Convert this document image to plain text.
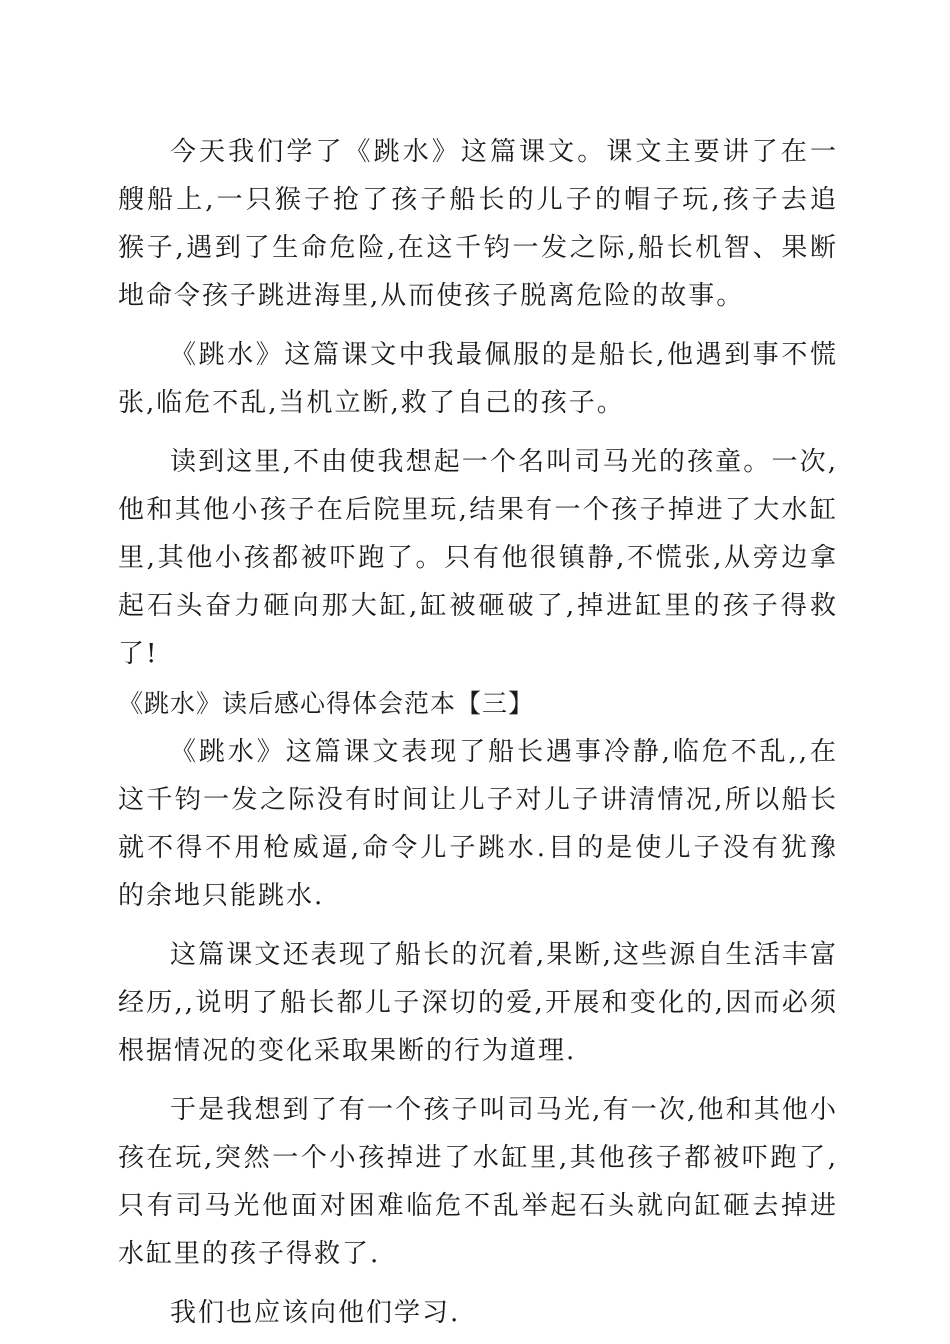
今天我们学了《跳水》这篇课文。课文主要讲了在一艘船上,一只猴子抢了孩子船长的儿子的帽子玩,孩子去追猴子,遇到了生命危险,在这千钧一发之际,船长机智、果断地命令孩子跳进海里,从而使孩子脱离危险的故事。

《跳水》这篇课文中我最佩服的是船长,他遇到事不慌张,临危不乱,当机立断,救了自己的孩子。

读到这里,不由使我想起一个名叫司马光的孩童。一次,他和其他小孩子在后院里玩,结果有一个孩子掉进了大水缸里,其他小孩都被吓跑了。只有他很镇静,不慌张,从旁边拿起石头奋力砸向那大缸,缸被砸破了,掉进缸里的孩子得救了!

《跳水》读后感心得体会范本【三】

《跳水》这篇课文表现了船长遇事冷静,临危不乱,,在这千钧一发之际没有时间让儿子对儿子讲清情况,所以船长就不得不用枪威逼,命令儿子跳水.目的是使儿子没有犹豫的余地只能跳水.

这篇课文还表现了船长的沉着,果断,这些源自生活丰富经历,,说明了船长都儿子深切的爱,开展和变化的,因而必须根据情况的变化采取果断的行为道理.

于是我想到了有一个孩子叫司马光,有一次,他和其他小孩在玩,突然一个小孩掉进了水缸里,其他孩子都被吓跑了,只有司马光他面对困难临危不乱举起石头就向缸砸去掉进水缸里的孩子得救了.

我们也应该向他们学习.
